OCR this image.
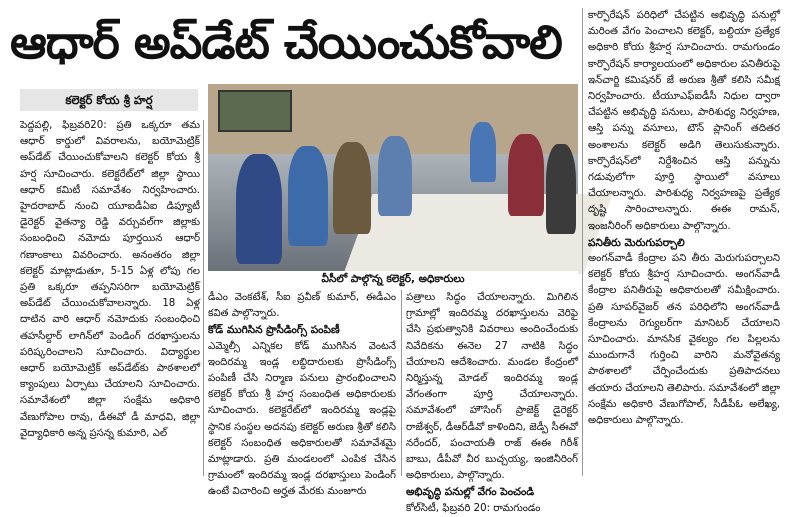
ఆధార్ అప్‌డేట్ చేయించుకోవాలి
కలెక్టర్ కోయ శ్రీ హర్ష
వీసీలో పాల్గొన్న కలెక్టర్, అధికారులు

పెద్దపల్లి, ఫిబ్రవరి20: ప్రతి ఒక్కరూ తమ ఆధార్ కార్డులో వివరాలను, బయోమెట్రిక్ అప్‌డేట్ చేయించుకోవాలని కలెక్టర్ కోయ శ్రీ హర్ష సూచించారు. కలెక్టరేట్‌లో జిల్లా స్థాయి ఆధార్ కమిటీ సమావేశం నిర్వహించారు. హైదరాబాద్ నుంచి యూఐడీఏఐ డిప్యూటీ డైరెక్టర్ వైతన్యా రెడ్డి వర్చువల్‌గా జిల్లాకు సంబంధించి నమోదు పూర్తయిన ఆధార్ గణాంకాలు వివరించారు. అనంతరం జిల్లా కలెక్టర్ మాట్లాడుతూ, 5-15 ఏళ్ల లోపు గల ప్రతి ఒక్కరూ తప్పనిసరిగా బయోమెట్రిక్ అప్‌డేట్ చేయించుకోవాలన్నారు. 18 ఏళ్ల దాటిన వారి ఆధార్ నమోదుకు సంబంధించి తహసీల్దార్ లాగిన్‌లో పెండింగ్ దరఖాస్తులను పరిష్కరించాలని సూచించారు. విద్యార్థుల ఆధార్ బయోమెట్రిక్ అప్‌డేట్‌కు పాఠశాలలో క్యాంపులు ఏర్పాటు చేయాలని సూచించారు. సమావేశంలో జిల్లా సంక్షేమ అధికారి వేణుగోపాల రావు, డీఈవో డీ మాధవి, జిల్లా వైద్యాధికారి అన్న ప్రసన్న కుమారి, ఎల్

డీఎం వెంకటేశ్, సీఐ ప్రవీణ్ కుమార్, ఈడీఎం కవిత పాల్గొన్నారు.

కోడ్ ముగిసిన ప్రొసీడింగ్స్ పంపిణీ

ఎమ్మెల్సీ ఎన్నికల కోడ్ ముగిసిన వెంటనే ఇందిరమ్మ ఇండ్ల లబ్ధిదారులకు ప్రొసీడింగ్స్ పంపిణీ చేసి నిర్మాణ పనులు ప్రారంభించాలని కలెక్టర్ కోయ శ్రీ హర్ష సంబంధిత అధికారులకు సూచించారు. కలెక్టరేట్‌లో ఇందిరమ్మ ఇండ్లపై స్థానిక సంస్థల అదనపు కలెక్టర్ అరుణ శ్రీతో కలిసి కలెక్టర్ సంబంధిత అధికారులతో సమావేశమై మాట్లాడారు. ప్రతి మండలంలో ఎంపిక చేసిన గ్రామంలో ఇందిరమ్మ ఇండ్ల దరఖాస్తులు పెండింగ్ ఉంటే విచారించి అర్హత మేరకు మంజూరు

పత్రాలు సిద్ధం చేయాలన్నారు. మిగిలిన గ్రామాల్లో ఇందిరమ్మ దరఖాస్తులను వెరిఫై చేసి ప్రభుత్వానికి వివరాలు అందించేందుకు నివేదికను ఈనెల 27 నాటికి సిద్ధం చేయాలని ఆదేశించారు. మండల కేంద్రంలో నిర్మిస్తున్న మోడల్ ఇందిరమ్మ ఇండ్ల వేగంతంగా పూర్తి చేయాలన్నారు. సమావేశంలో హౌసింగ్ ప్రాజెక్ట్ డైరెక్టర్ రాజేశ్వర్, డీఆర్‌డీవో కాళిందిని, జెడ్పీ సీఈవో నరేందర్, పంచాయతీ రాజ్ ఈఈ గిరీశ్ బాబు, డీపీవో వీర బుచ్చయ్య, ఇంజినీరింగ్ అధికారులు, పాల్గొన్నారు.

అభివృద్ధి పనుల్లో వేగం పెంచండి

కోల్‌సిటీ, ఫిబ్రవరి 20: రామగుండం

కార్పొరేషన్ పరిధిలో చేపట్టిన అభివృద్ధి పనుల్లో మరింత వేగం పెంచాలని కలెక్టర్, బల్దియా ప్రత్యేక అధికారి కోయ శ్రీహర్ష సూచించారు. రామగుండం కార్పొరేషన్ కార్యాలయంలో అధికారుల పనితీరుపై ఇన్‌చార్జి కమిషనర్ జే అరుణ శ్రీతో కలిసి సమీక్ష నిర్వహించారు. టీయూఎఫ్‌ఐడీసీ నిధుల ద్వారా చేపట్టిన అభివృద్ధి పనులు, పారిశుధ్య నిర్వహణ, ఆస్తి పన్ను వసూలు, టౌన్ ప్లానింగ్ తదితర అంశాలను కలెక్టర్ అడిగి తెలుసుకున్నారు. కార్పొరేషన్‌లో నిర్దేశించిన ఆస్తి పన్నును గడువులోగా పూర్తి స్థాయిలో వసూలు చేయాలన్నారు. పారిశుధ్య నిర్వహణపై ప్రత్యేక దృష్టి సారించాలన్నారు. ఈఈ రామన్, ఇంజనీరింగ్ అధికారులు పాల్గొన్నారు.

పనితీరు మెరుగుపర్చాలి

అంగన్‌వాడీ కేంద్రాల పని తీరు మెరుగుపర్చాలని కలెక్టర్ కోయ శ్రీహర్ష సూచించారు. అంగన్‌వాడీ కేంద్రాల పనితీరుపై అధికారులతో సమీక్షించారు. ప్రతి సూపర్‌వైజర్ తన పరిధిలోని అంగన్‌వాడీ కేంద్రాలను రెగ్యులర్‌గా మానిటర్ చేయాలని సూచించారు. మానసిక వైకల్యం గల పిల్లలను ముందుగానే గుర్తించి వారిని మనోవైతన్య పాఠశాలలో చేర్పించేందుకు ప్రతిపాదనలు తయారు చేయాలని తెలిపారు. సమావేశంలో జిల్లా సంక్షేమ అధికారి వేణుగోపాల్, సీడీపీఓ అలేఖ్య, అధికారులు పాల్గొన్నారు.
